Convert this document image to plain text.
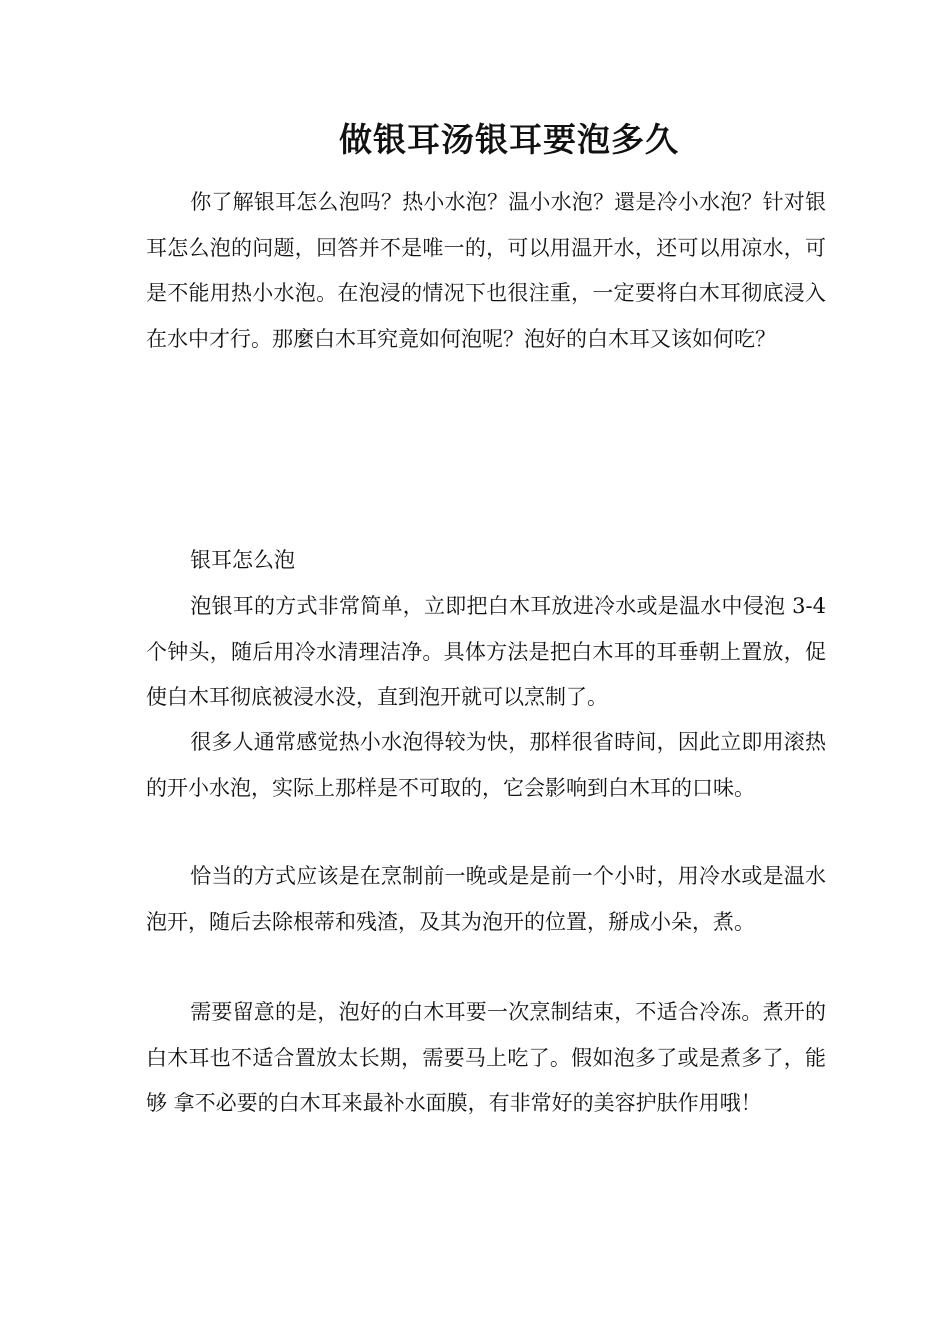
做银耳汤银耳要泡多久

你了解银耳怎么泡吗？热小水泡？温小水泡？還是冷小水泡？针对银耳怎么泡的问题，回答并不是唯一的，可以用温开水，还可以用凉水，可是不能用热小水泡。在泡浸的情况下也很注重，一定要将白木耳彻底浸入在水中才行。那麼白木耳究竟如何泡呢？泡好的白木耳又该如何吃？

银耳怎么泡

泡银耳的方式非常简单，立即把白木耳放进冷水或是温水中侵泡 3-4 个钟头，随后用冷水清理洁净。具体方法是把白木耳的耳垂朝上置放，促使白木耳彻底被浸水没，直到泡开就可以烹制了。

很多人通常感觉热小水泡得较为快，那样很省時间，因此立即用滚热的开小水泡，实际上那样是不可取的，它会影响到白木耳的口味。

恰当的方式应该是在烹制前一晚或是是前一个小时，用冷水或是温水泡开，随后去除根蒂和残渣，及其为泡开的位置，掰成小朵，煮。

需要留意的是，泡好的白木耳要一次烹制结束，不适合冷冻。煮开的白木耳也不适合置放太长期，需要马上吃了。假如泡多了或是煮多了，能够 拿不必要的白木耳来最补水面膜，有非常好的美容护肤作用哦！
